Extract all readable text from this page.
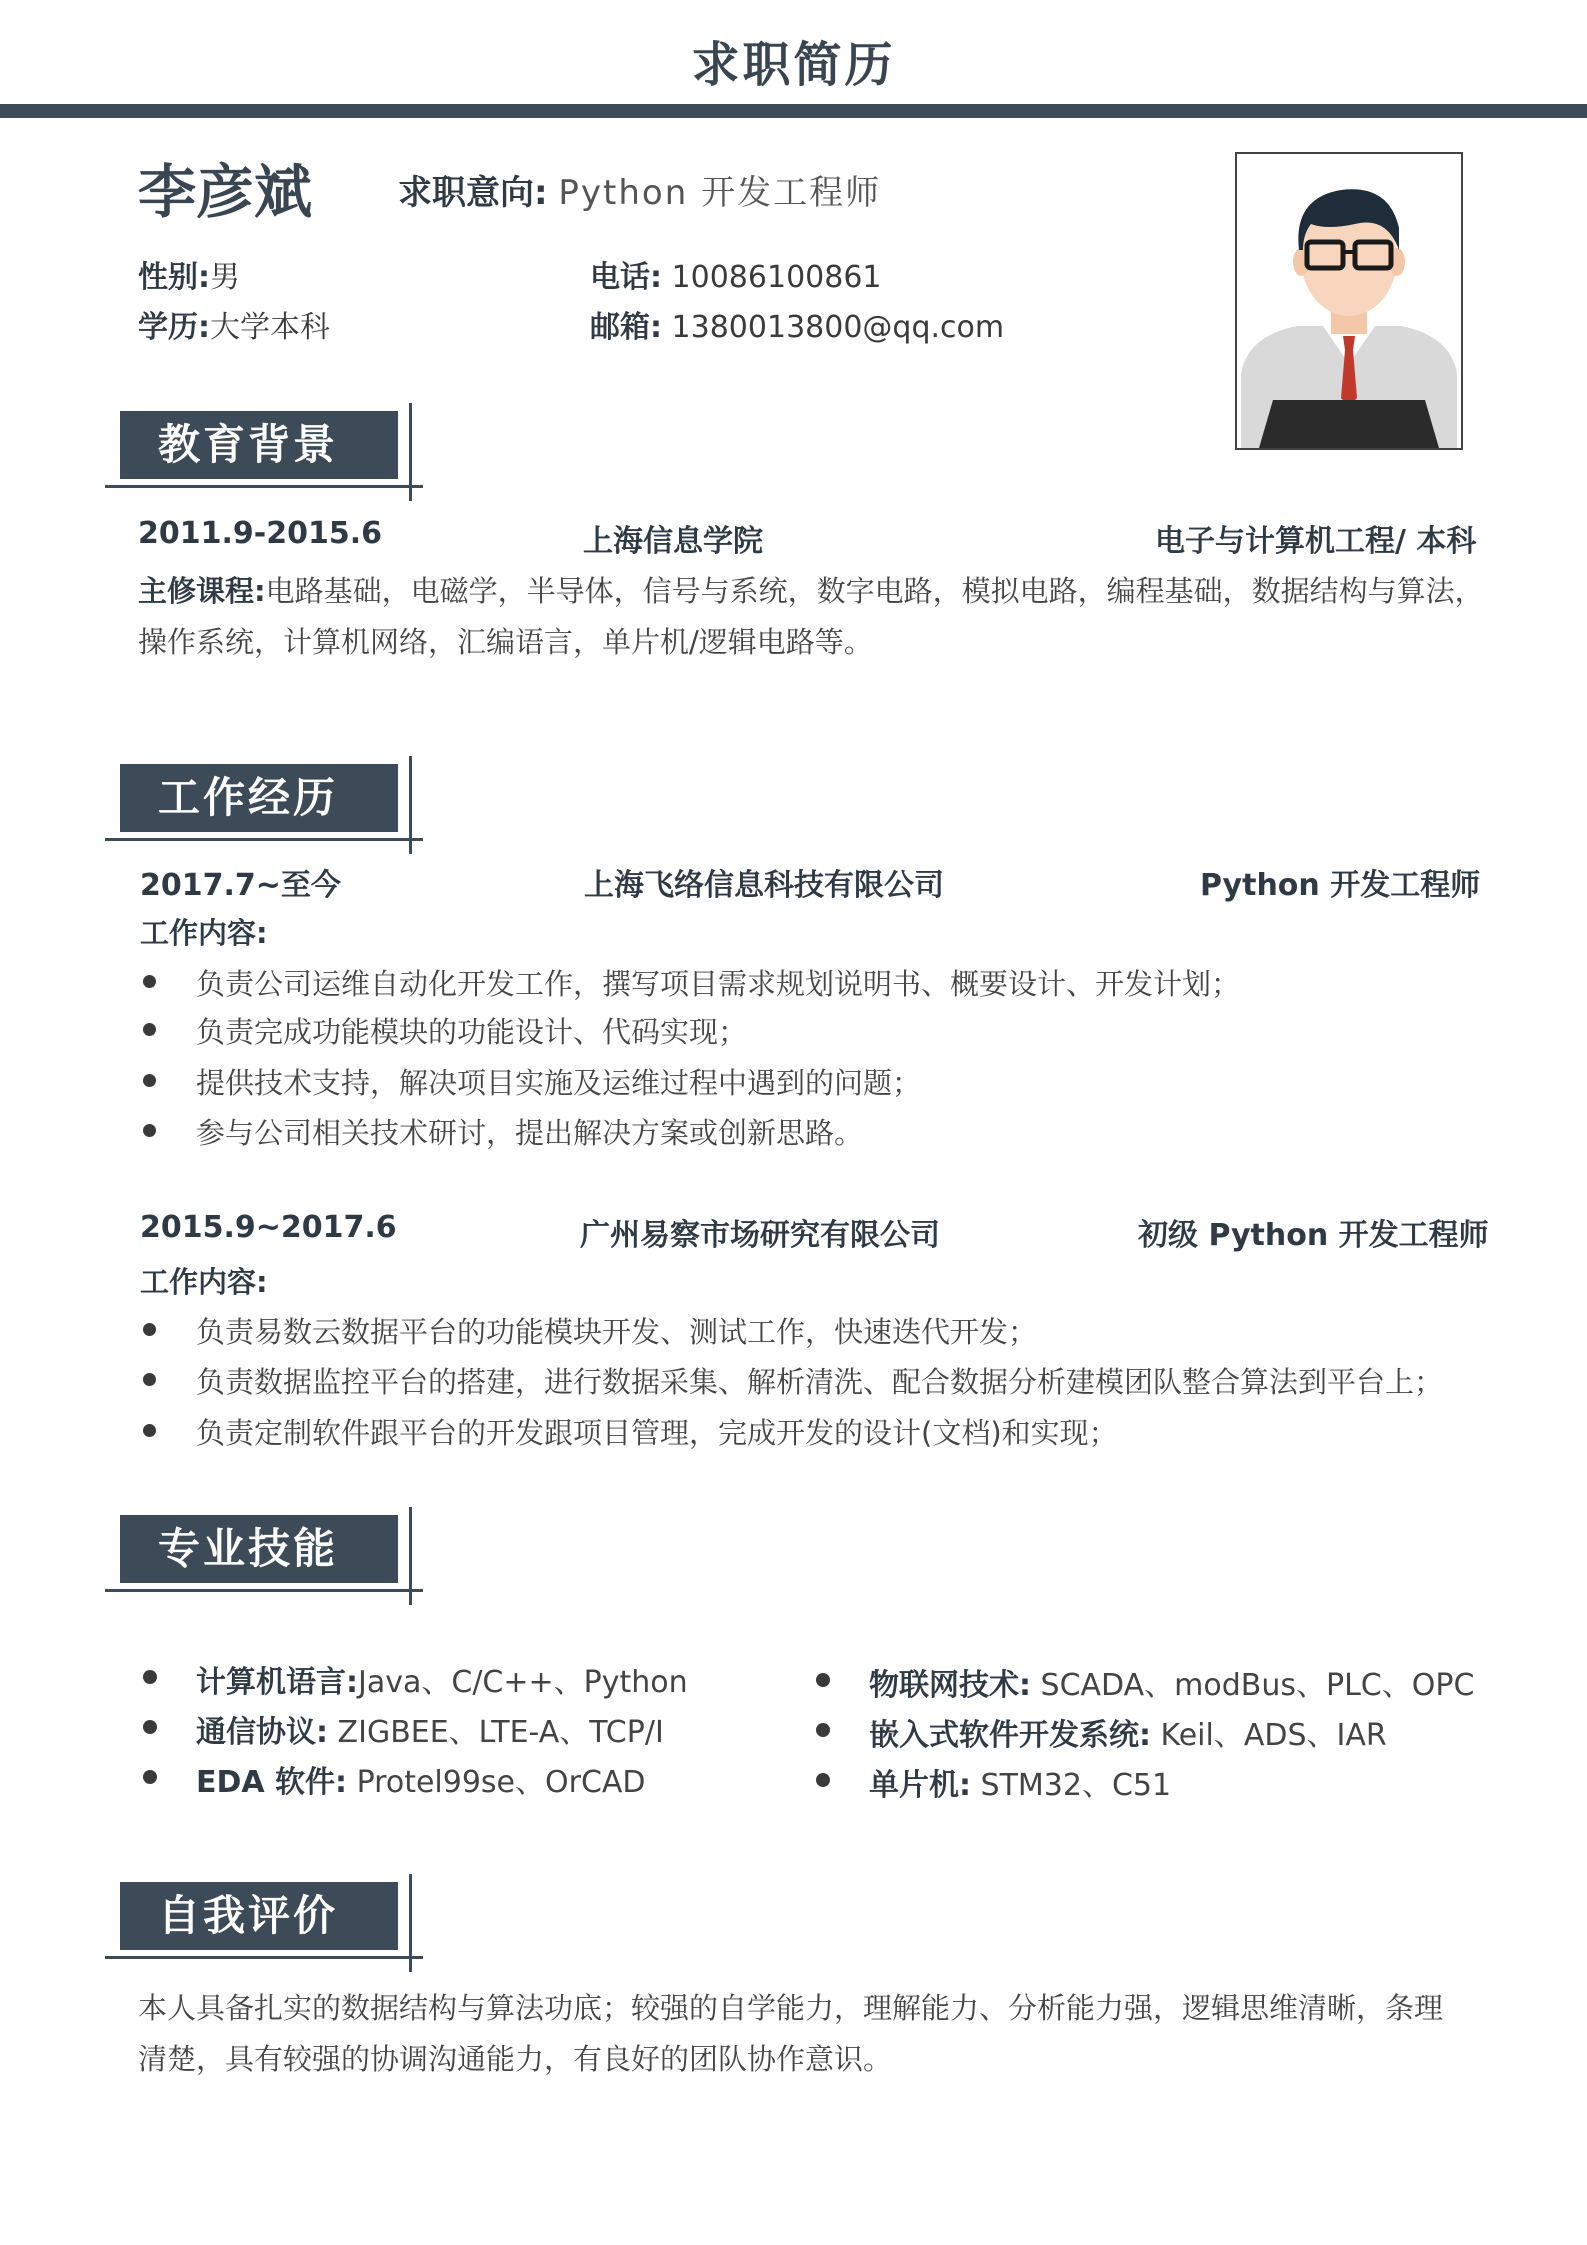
求职简历
李彦斌	求职意向: Python 开发工程师
性别:男
学历:大学本科
电话: 10086100861
邮箱: 1380013800@qq.com
教育背景
2011.9-2015.6	上海信息学院	电子与计算机工程/ 本科
主修课程:电路基础，电磁学，半导体，信号与系统，数字电路，模拟电路，编程基础，数据结构与算法，操作系统，计算机网络，汇编语言，单片机/逻辑电路等。
工作经历
2017.7~至今	上海飞络信息科技有限公司	Python 开发工程师
工作内容:
负责公司运维自动化开发工作，撰写项目需求规划说明书、概要设计、开发计划；
负责完成功能模块的功能设计、代码实现；
提供技术支持，解决项目实施及运维过程中遇到的问题；
参与公司相关技术研讨，提出解决方案或创新思路。
2015.9~2017.6	广州易察市场研究有限公司	初级 Python 开发工程师
工作内容:
负责易数云数据平台的功能模块开发、测试工作，快速迭代开发；
负责数据监控平台的搭建，进行数据采集、解析清洗、配合数据分析建模团队整合算法到平台上；
负责定制软件跟平台的开发跟项目管理，完成开发的设计(文档)和实现；
专业技能
计算机语言:Java、C/C++、Python
通信协议: ZIGBEE、LTE-A、TCP/I
EDA 软件: Protel99se、OrCAD
物联网技术: SCADA、modBus、PLC、OPC
嵌入式软件开发系统: Keil、ADS、IAR
单片机: STM32、C51
自我评价
本人具备扎实的数据结构与算法功底；较强的自学能力，理解能力、分析能力强，逻辑思维清晰，条理清楚，具有较强的协调沟通能力，有良好的团队协作意识。
